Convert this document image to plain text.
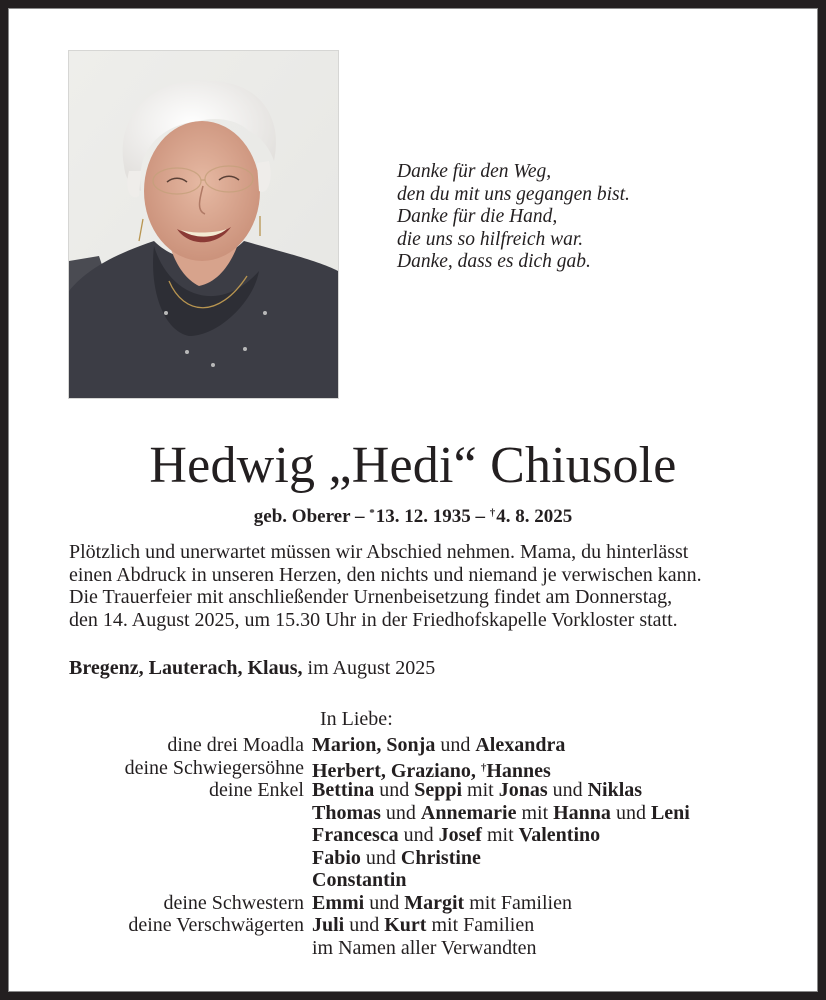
Danke für den Weg,
den du mit uns gegangen bist.
Danke für die Hand,
die uns so hilfreich war.
Danke, dass es dich gab.
Hedwig „Hedi“ Chiusole
geb. Oberer – *13. 12. 1935 – †4. 8. 2025
Plötzlich und unerwartet müssen wir Abschied nehmen. Mama, du hinterlässt
einen Abdruck in unseren Herzen, den nichts und niemand je verwischen kann.
Die Trauerfeier mit anschließender Urnenbeisetzung findet am Donnerstag,
den 14. August 2025, um 15.30 Uhr in der Friedhofskapelle Vorkloster statt.
Bregenz, Lauterach, Klaus, im August 2025
In Liebe:
dine drei Moadla Marion, Sonja und Alexandra
deine Schwiegersöhne Herbert, Graziano, †Hannes
deine Enkel Bettina und Seppi mit Jonas und Niklas
Thomas und Annemarie mit Hanna und Leni
Francesca und Josef mit Valentino
Fabio und Christine
Constantin
deine Schwestern Emmi und Margit mit Familien
deine Verschwägerten Juli und Kurt mit Familien
im Namen aller Verwandten
